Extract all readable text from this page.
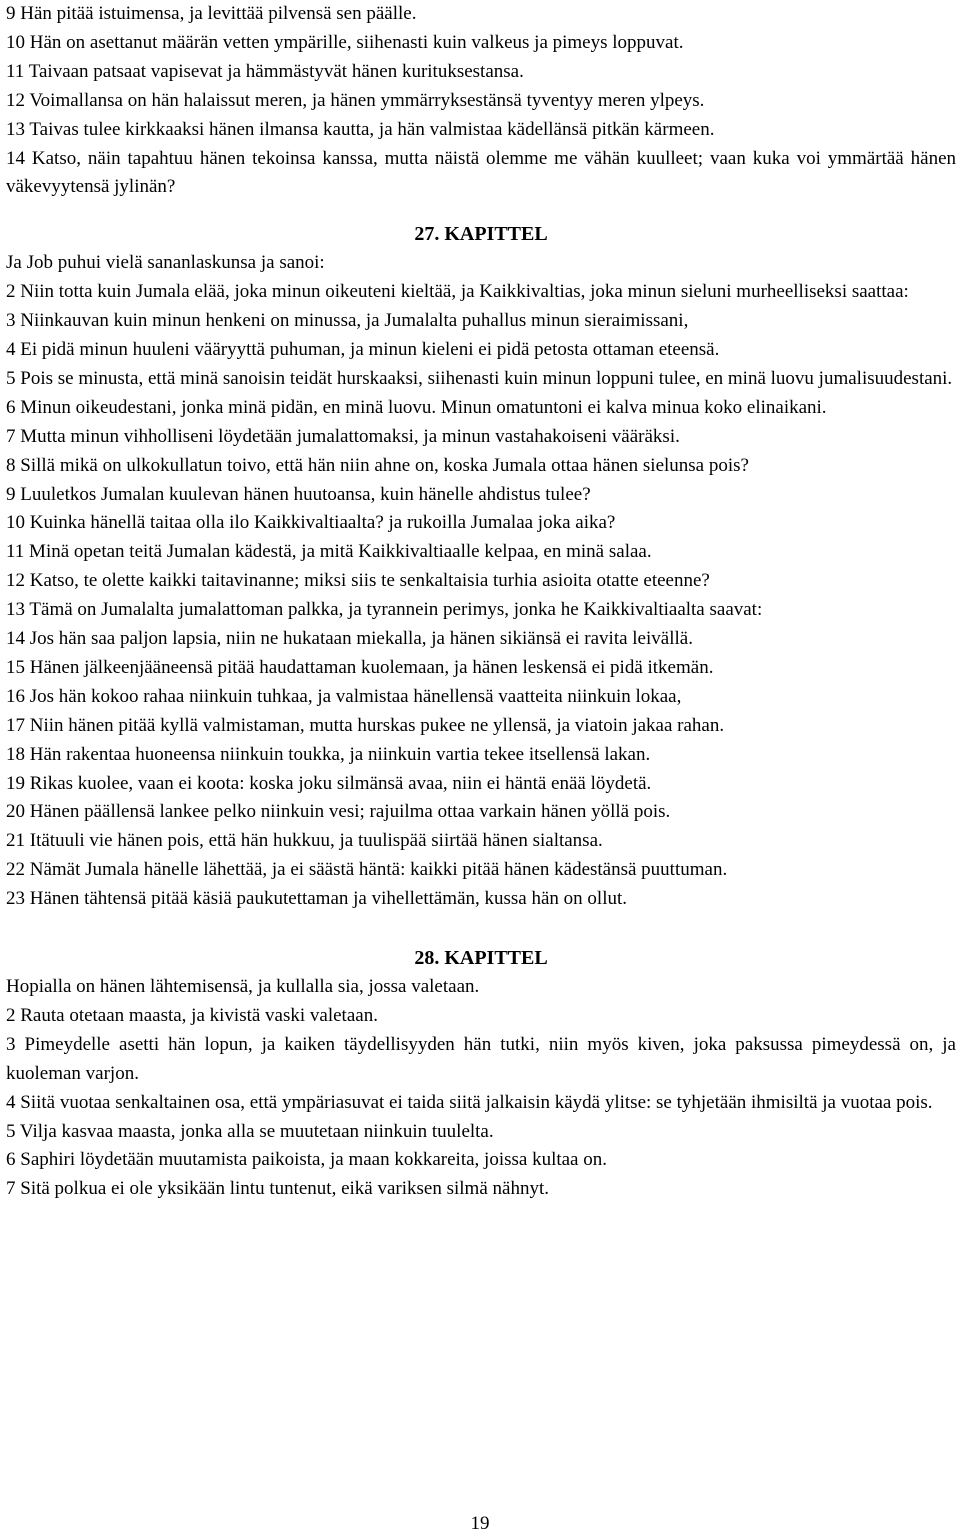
9 Hän pitää istuimensa, ja levittää pilvensä sen päälle.
10 Hän on asettanut määrän vetten ympärille, siihenasti kuin valkeus ja pimeys loppuvat.
11 Taivaan patsaat vapisevat ja hämmästyvät hänen kurituksestansa.
12 Voimallansa on hän halaissut meren, ja hänen ymmärryksestänsä tyventyy meren ylpeys.
13 Taivas tulee kirkkaaksi hänen ilmansa kautta, ja hän valmistaa kädellänsä pitkän kärmeen.
14 Katso, näin tapahtuu hänen tekoinsa kanssa, mutta näistä olemme me vähän kuulleet; vaan kuka voi ymmärtää hänen väkevyytensä jylinän?
27. KAPITTEL
Ja Job puhui vielä sananlaskunsa ja sanoi:
2 Niin totta kuin Jumala elää, joka minun oikeuteni kieltää, ja Kaikkivaltias, joka minun sieluni murheelliseksi saattaa:
3 Niinkauvan kuin minun henkeni on minussa, ja Jumalalta puhallus minun sieraimissani,
4 Ei pidä minun huuleni vääryyttä puhuman, ja minun kieleni ei pidä petosta ottaman eteensä.
5 Pois se minusta, että minä sanoisin teidät hurskaaksi, siihenasti kuin minun loppuni tulee, en minä luovu jumalisuudestani.
6 Minun oikeudestani, jonka minä pidän, en minä luovu. Minun omatuntoni ei kalva minua koko elinaikani.
7 Mutta minun vihholliseni löydetään jumalattomaksi, ja minun vastahakoiseni vääräksi.
8 Sillä mikä on ulkokullatun toivo, että hän niin ahne on, koska Jumala ottaa hänen sielunsa pois?
9 Luuletkos Jumalan kuulevan hänen huutoansa, kuin hänelle ahdistus tulee?
10 Kuinka hänellä taitaa olla ilo Kaikkivaltiaalta? ja rukoilla Jumalaa joka aika?
11 Minä opetan teitä Jumalan kädestä, ja mitä Kaikkivaltiaalle kelpaa, en minä salaa.
12 Katso, te olette kaikki taitavinanne; miksi siis te senkaltaisia turhia asioita otatte eteenne?
13 Tämä on Jumalalta jumalattoman palkka, ja tyrannein perimys, jonka he Kaikkivaltiaalta saavat:
14 Jos hän saa paljon lapsia, niin ne hukataan miekalla, ja hänen sikiänsä ei ravita leivällä.
15 Hänen jälkeenjääneensä pitää haudattaman kuolemaan, ja hänen leskensä ei pidä itkemän.
16 Jos hän kokoo rahaa niinkuin tuhkaa, ja valmistaa hänellensä vaatteita niinkuin lokaa,
17 Niin hänen pitää kyllä valmistaman, mutta hurskas pukee ne yllensä, ja viatoin jakaa rahan.
18 Hän rakentaa huoneensa niinkuin toukka, ja niinkuin vartia tekee itsellensä lakan.
19 Rikas kuolee, vaan ei koota: koska joku silmänsä avaa, niin ei häntä enää löydetä.
20 Hänen päällensä lankee pelko niinkuin vesi; rajuilma ottaa varkain hänen yöllä pois.
21 Itätuuli vie hänen pois, että hän hukkuu, ja tuulispää siirtää hänen sialtansa.
22 Nämät Jumala hänelle lähettää, ja ei säästä häntä: kaikki pitää hänen kädestänsä puuttuman.
23 Hänen tähtensä pitää käsiä paukutettaman ja vihellettämän, kussa hän on ollut.
28. KAPITTEL
Hopialla on hänen lähtemisensä, ja kullalla sia, jossa valetaan.
2 Rauta otetaan maasta, ja kivistä vaski valetaan.
3 Pimeydelle asetti hän lopun, ja kaiken täydellisyyden hän tutki, niin myös kiven, joka paksussa pimeydessä on, ja kuoleman varjon.
4 Siitä vuotaa senkaltainen osa, että ympäriasuvat ei taida siitä jalkaisin käydä ylitse: se tyhjetään ihmisiltä ja vuotaa pois.
5 Vilja kasvaa maasta, jonka alla se muutetaan niinkuin tuulelta.
6 Saphiri löydetään muutamista paikoista, ja maan kokkareita, joissa kultaa on.
7 Sitä polkua ei ole yksikään lintu tuntenut, eikä variksen silmä nähnyt.
19
